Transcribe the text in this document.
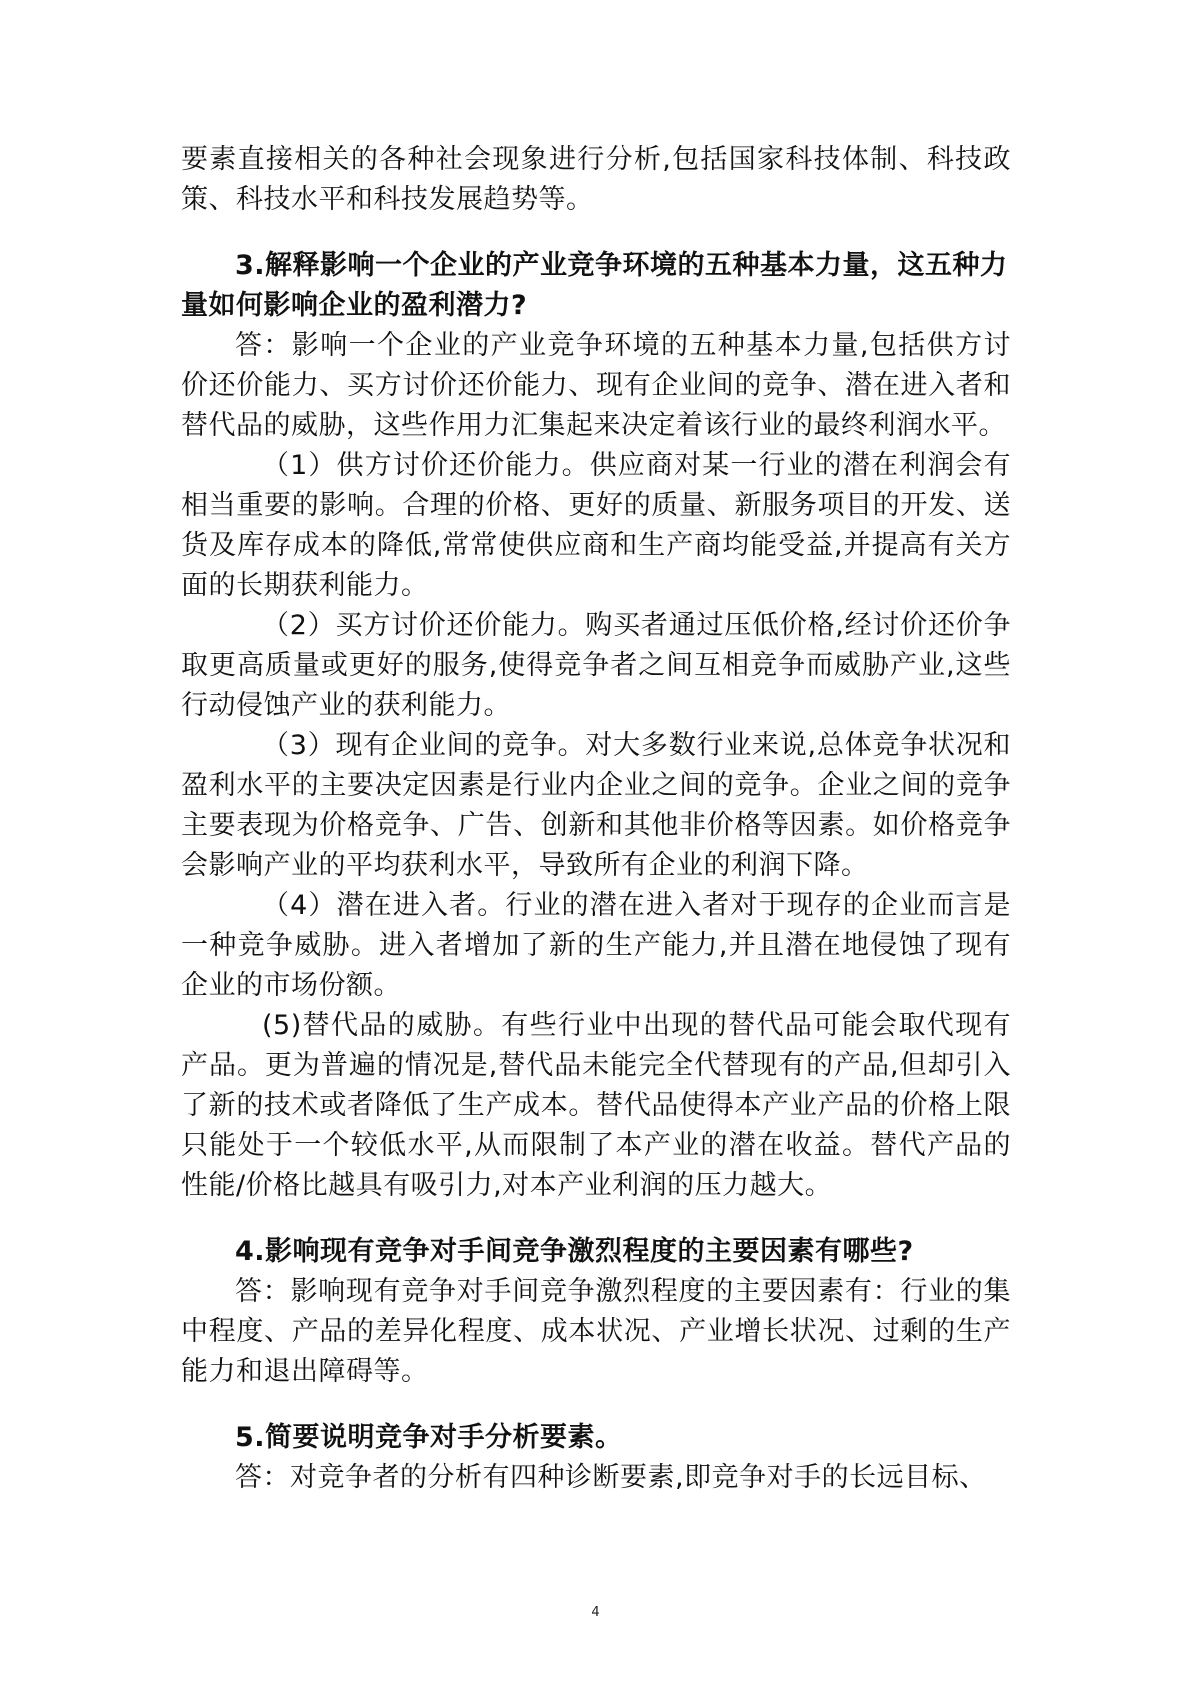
要素直接相关的各种社会现象进行分析,包括国家科技体制、科技政策、科技水平和科技发展趋势等。

3.解释影响一个企业的产业竞争环境的五种基本力量，这五种力量如何影响企业的盈利潜力?

答：影响一个企业的产业竞争环境的五种基本力量,包括供方讨价还价能力、买方讨价还价能力、现有企业间的竞争、潜在进入者和替代品的威胁，这些作用力汇集起来决定着该行业的最终利润水平。

（1）供方讨价还价能力。供应商对某一行业的潜在利润会有相当重要的影响。合理的价格、更好的质量、新服务项目的开发、送货及库存成本的降低,常常使供应商和生产商均能受益,并提高有关方面的长期获利能力。

（2）买方讨价还价能力。购买者通过压低价格,经讨价还价争取更高质量或更好的服务,使得竞争者之间互相竞争而威胁产业,这些行动侵蚀产业的获利能力。

（3）现有企业间的竞争。对大多数行业来说,总体竞争状况和盈利水平的主要决定因素是行业内企业之间的竞争。企业之间的竞争主要表现为价格竞争、广告、创新和其他非价格等因素。如价格竞争会影响产业的平均获利水平，导致所有企业的利润下降。

（4）潜在进入者。行业的潜在进入者对于现存的企业而言是一种竞争威胁。进入者增加了新的生产能力,并且潜在地侵蚀了现有企业的市场份额。

(5)替代品的威胁。有些行业中出现的替代品可能会取代现有产品。更为普遍的情况是,替代品未能完全代替现有的产品,但却引入了新的技术或者降低了生产成本。替代品使得本产业产品的价格上限只能处于一个较低水平,从而限制了本产业的潜在收益。替代产品的性能/价格比越具有吸引力,对本产业利润的压力越大。

4.影响现有竞争对手间竞争激烈程度的主要因素有哪些?

答：影响现有竞争对手间竞争激烈程度的主要因素有：行业的集中程度、产品的差异化程度、成本状况、产业增长状况、过剩的生产能力和退出障碍等。

5.简要说明竞争对手分析要素。

答：对竞争者的分析有四种诊断要素,即竞争对手的长远目标、

4
